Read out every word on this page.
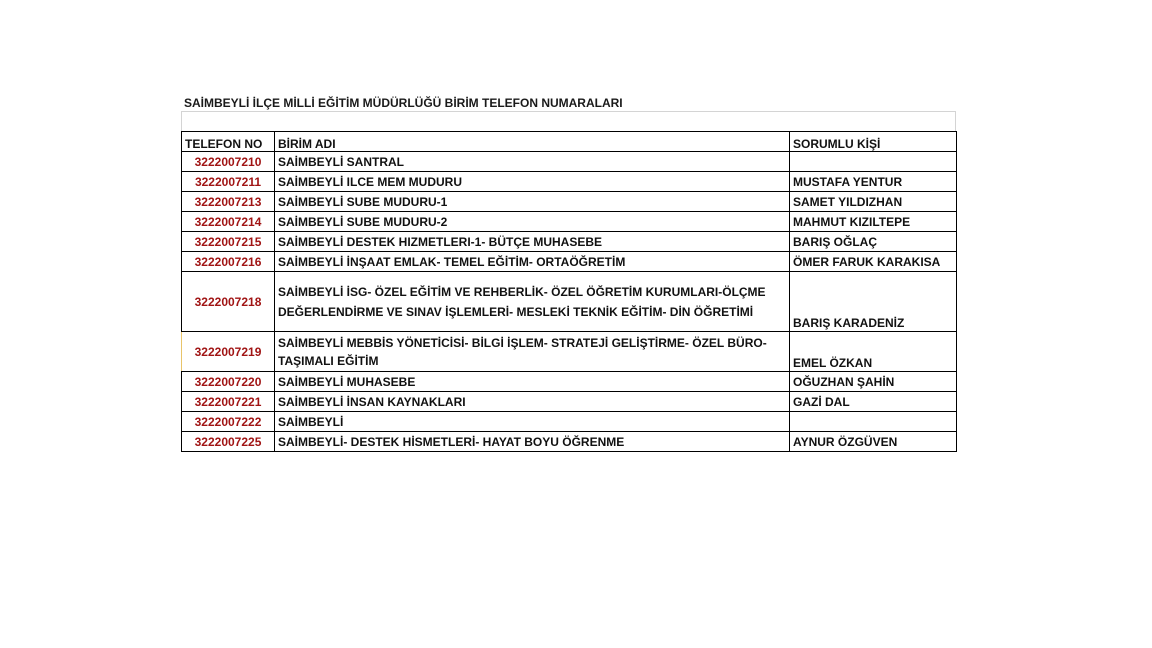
SAİMBEYLİ İLÇE MİLLİ EĞİTİM MÜDÜRLÜĞÜ BİRİM TELEFON NUMARALARI
TELEFON NO	BİRİM ADI	SORUMLU KİŞİ
3222007210	SAİMBEYLİ SANTRAL	
3222007211	SAİMBEYLİ ILCE MEM MUDURU	MUSTAFA YENTUR
3222007213	SAİMBEYLİ SUBE MUDURU-1	SAMET YILDIZHAN
3222007214	SAİMBEYLİ SUBE MUDURU-2	MAHMUT KIZILTEPE
3222007215	SAİMBEYLİ DESTEK HIZMETLERI-1- BÜTÇE MUHASEBE	BARIŞ OĞLAÇ
3222007216	SAİMBEYLİ İNŞAAT EMLAK- TEMEL EĞİTİM- ORTAÖĞRETİM	ÖMER FARUK KARAKISA
3222007218	SAİMBEYLİ İSG- ÖZEL EĞİTİM VE REHBERLİK- ÖZEL ÖĞRETİM KURUMLARI-ÖLÇME DEĞERLENDİRME VE SINAV İŞLEMLERİ- MESLEKİ TEKNİK EĞİTİM- DİN ÖĞRETİMİ	BARIŞ KARADENİZ
3222007219	SAİMBEYLİ MEBBİS YÖNETİCİSİ- BİLGİ İŞLEM- STRATEJİ GELİŞTİRME- ÖZEL BÜRO-TAŞIMALI EĞİTİM	EMEL ÖZKAN
3222007220	SAİMBEYLİ MUHASEBE	OĞUZHAN ŞAHİN
3222007221	SAİMBEYLİ İNSAN KAYNAKLARI	GAZİ DAL
3222007222	SAİMBEYLİ	
3222007225	SAİMBEYLİ- DESTEK HİSMETLERİ- HAYAT BOYU ÖĞRENME	AYNUR ÖZGÜVEN
